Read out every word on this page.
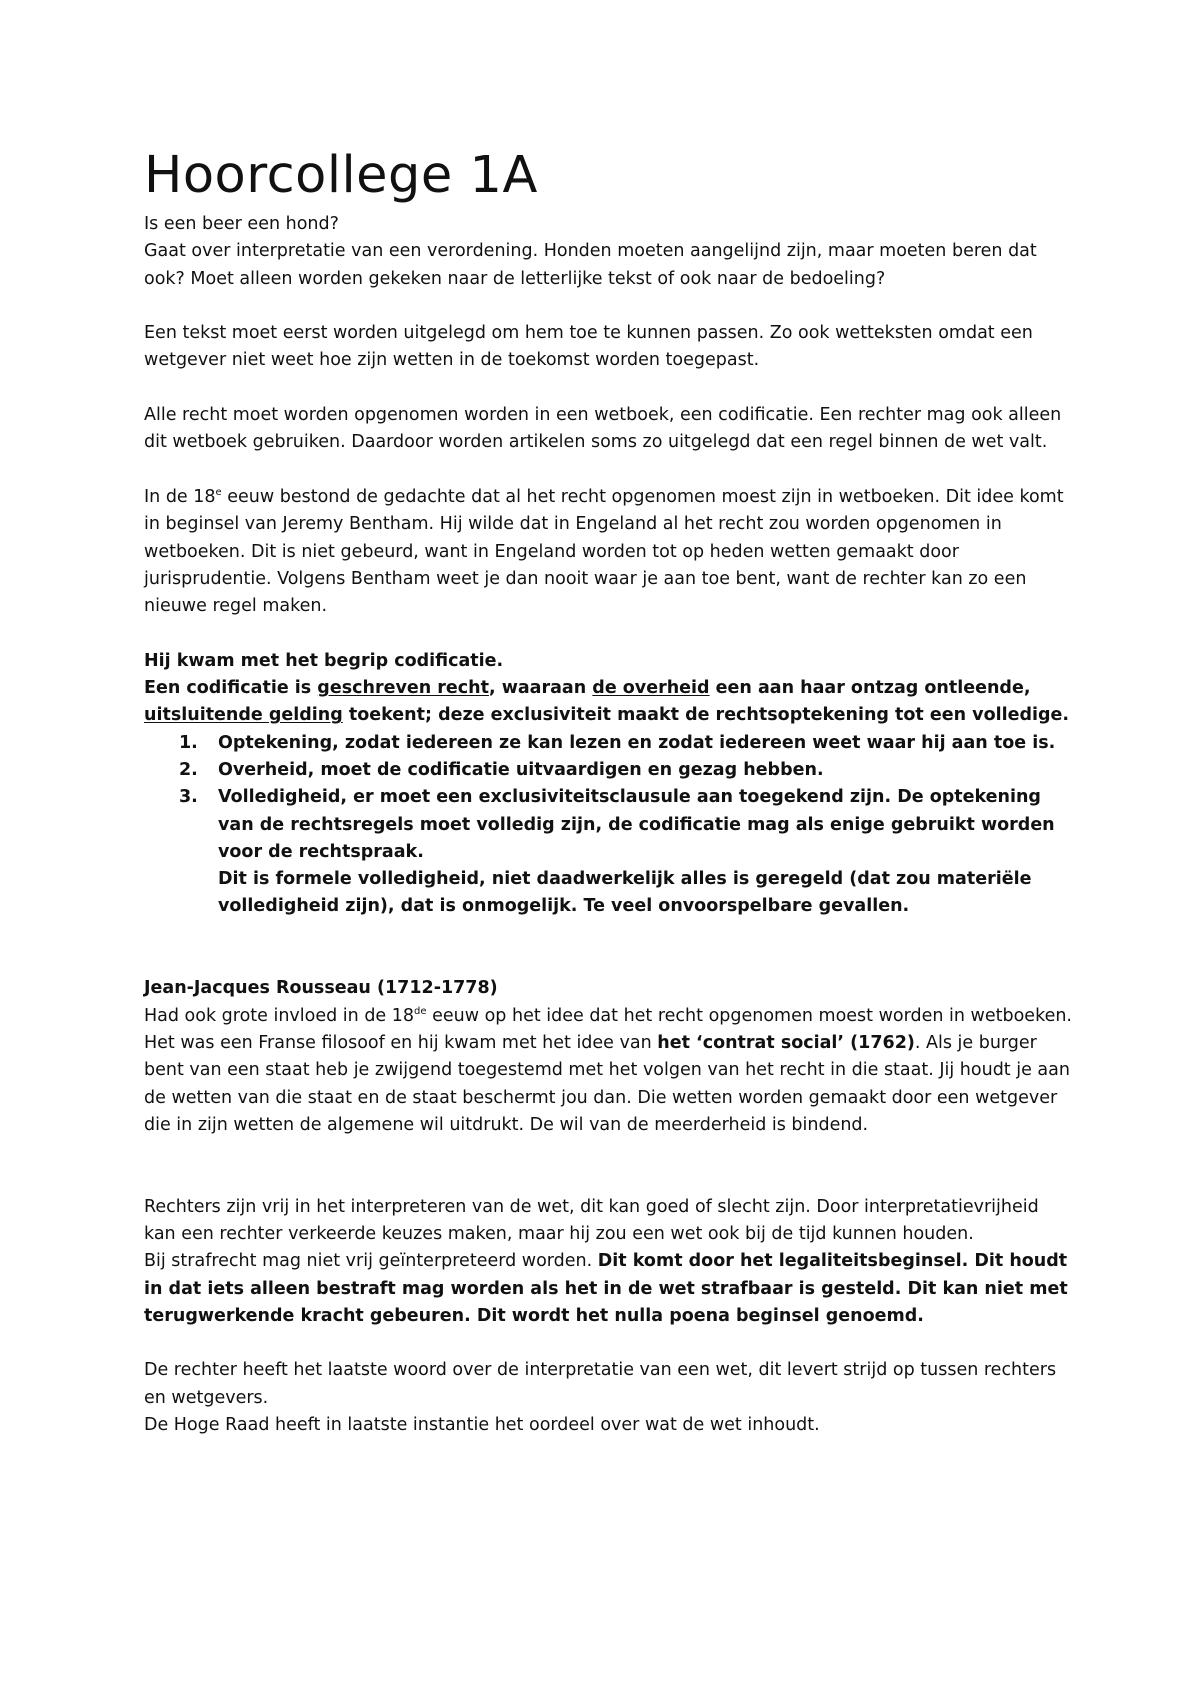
Hoorcollege 1A

Is een beer een hond?

Gaat over interpretatie van een verordening. Honden moeten aangelijnd zijn, maar moeten beren dat ook? Moet alleen worden gekeken naar de letterlijke tekst of ook naar de bedoeling?

Een tekst moet eerst worden uitgelegd om hem toe te kunnen passen. Zo ook wetteksten omdat een wetgever niet weet hoe zijn wetten in de toekomst worden toegepast.

Alle recht moet worden opgenomen worden in een wetboek, een codificatie. Een rechter mag ook alleen dit wetboek gebruiken. Daardoor worden artikelen soms zo uitgelegd dat een regel binnen de wet valt.

In de 18e eeuw bestond de gedachte dat al het recht opgenomen moest zijn in wetboeken. Dit idee komt in beginsel van Jeremy Bentham. Hij wilde dat in Engeland al het recht zou worden opgenomen in wetboeken. Dit is niet gebeurd, want in Engeland worden tot op heden wetten gemaakt door jurisprudentie. Volgens Bentham weet je dan nooit waar je aan toe bent, want de rechter kan zo een nieuwe regel maken.

Hij kwam met het begrip codificatie.

Een codificatie is geschreven recht, waaraan de overheid een aan haar ontzag ontleende,
uitsluitende gelding toekent; deze exclusiviteit maakt de rechtsoptekening tot een volledige.

1. Optekening, zodat iedereen ze kan lezen en zodat iedereen weet waar hij aan toe is.
2. Overheid, moet de codificatie uitvaardigen en gezag hebben.
3. Volledigheid, er moet een exclusiviteitsclausule aan toegekend zijn. De optekening van de rechtsregels moet volledig zijn, de codificatie mag als enige gebruikt worden voor de rechtspraak.
Dit is formele volledigheid, niet daadwerkelijk alles is geregeld (dat zou materiële volledigheid zijn), dat is onmogelijk. Te veel onvoorspelbare gevallen.

Jean-Jacques Rousseau (1712-1778)

Had ook grote invloed in de 18de eeuw op het idee dat het recht opgenomen moest worden in wetboeken.

Het was een Franse filosoof en hij kwam met het idee van het ‘contrat social’ (1762). Als je burger bent van een staat heb je zwijgend toegestemd met het volgen van het recht in die staat. Jij houdt je aan de wetten van die staat en de staat beschermt jou dan. Die wetten worden gemaakt door een wetgever die in zijn wetten de algemene wil uitdrukt. De wil van de meerderheid is bindend.

Rechters zijn vrij in het interpreteren van de wet, dit kan goed of slecht zijn. Door interpretatievrijheid kan een rechter verkeerde keuzes maken, maar hij zou een wet ook bij de tijd kunnen houden.

Bij strafrecht mag niet vrij geïnterpreteerd worden. Dit komt door het legaliteitsbeginsel. Dit houdt in dat iets alleen bestraft mag worden als het in de wet strafbaar is gesteld. Dit kan niet met terugwerkende kracht gebeuren. Dit wordt het nulla poena beginsel genoemd.

De rechter heeft het laatste woord over de interpretatie van een wet, dit levert strijd op tussen rechters en wetgevers.

De Hoge Raad heeft in laatste instantie het oordeel over wat de wet inhoudt.
